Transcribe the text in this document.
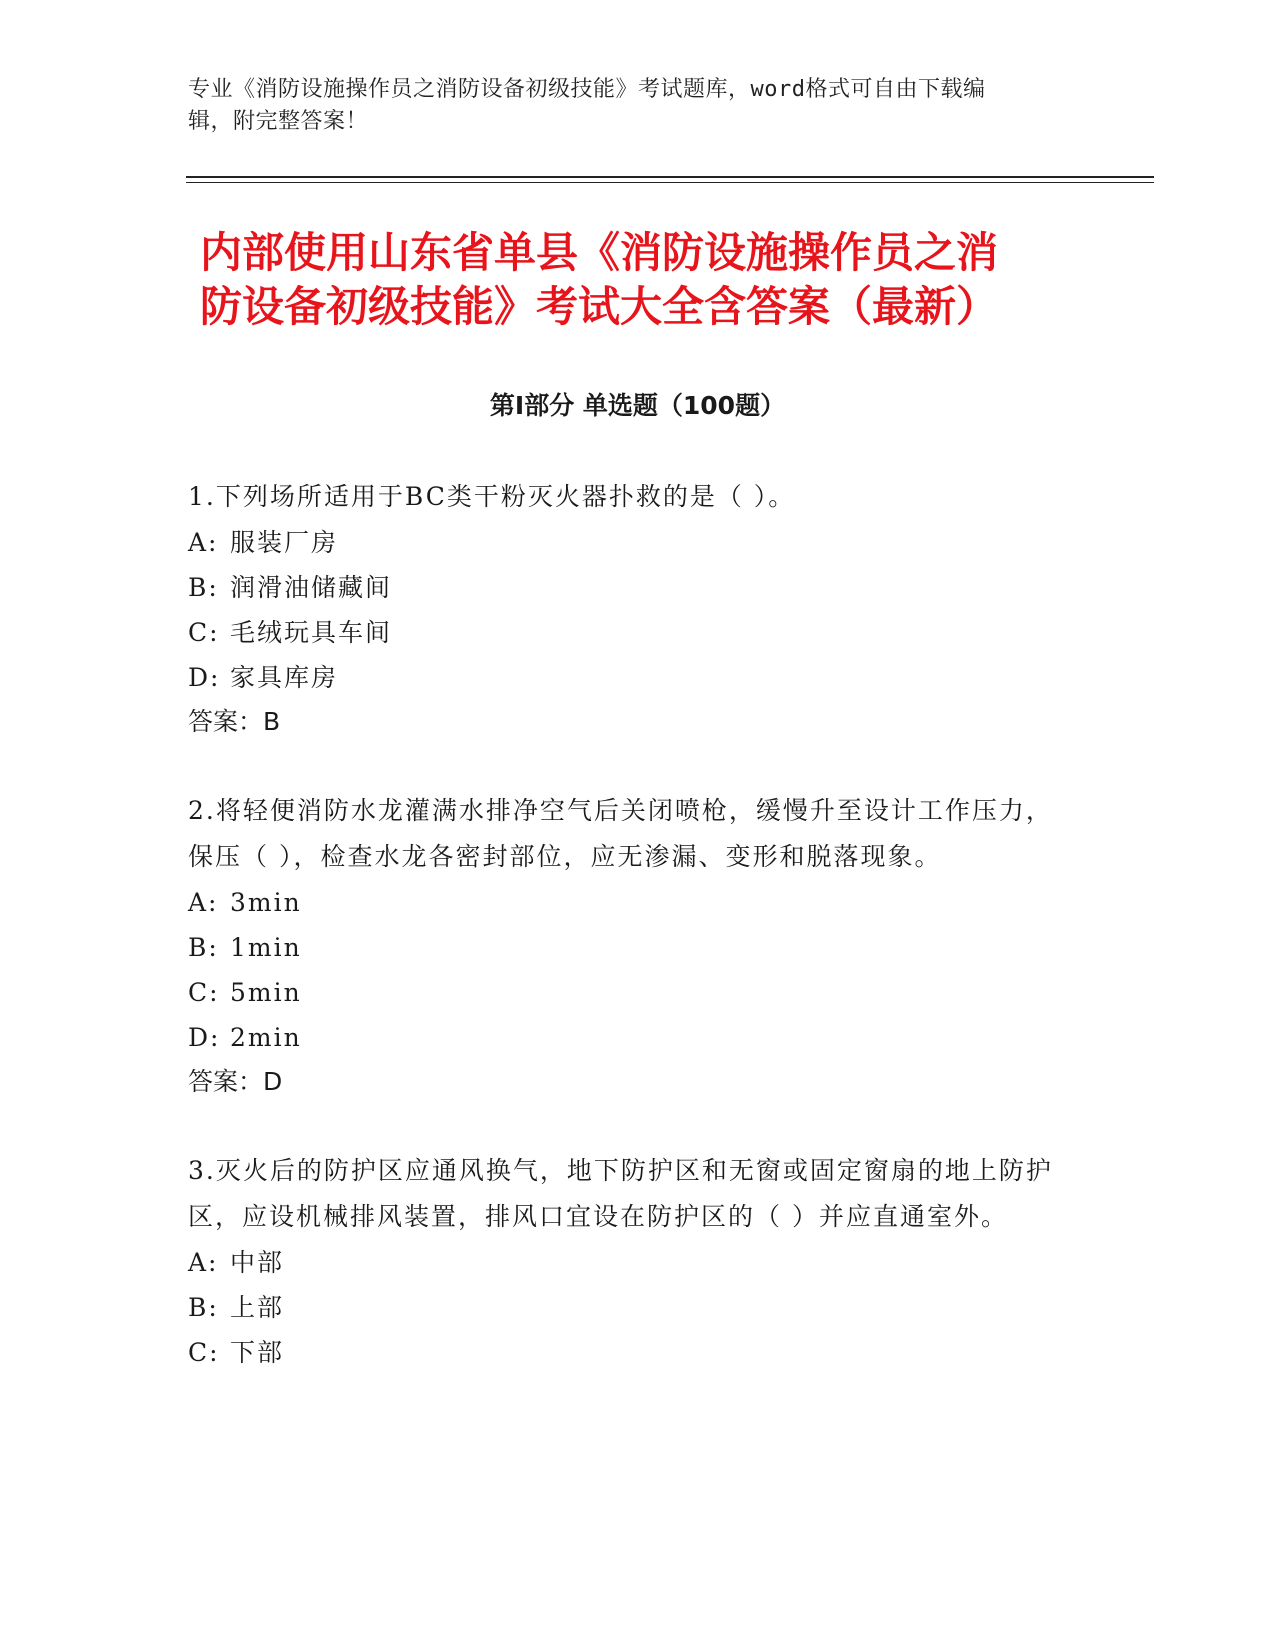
专业《消防设施操作员之消防设备初级技能》考试题库，word格式可自由下载编
辑，附完整答案！
内部使用山东省单县《消防设施操作员之消
防设备初级技能》考试大全含答案（最新）
第I部分 单选题（100题）

1.下列场所适用于BC类干粉灭火器扑救的是（ ）。

A: 服装厂房

B: 润滑油储藏间

C: 毛绒玩具车间

D: 家具库房

答案：B

2.将轻便消防水龙灌满水排净空气后关闭喷枪，缓慢升至设计工作压力，保压（ ），检查水龙各密封部位，应无渗漏、变形和脱落现象。

A: 3min

B: 1min

C: 5min

D: 2min

答案：D

3.灭火后的防护区应通风换气，地下防护区和无窗或固定窗扇的地上防护区，应设机械排风装置，排风口宜设在防护区的（ ）并应直通室外。

A: 中部

B: 上部

C: 下部
